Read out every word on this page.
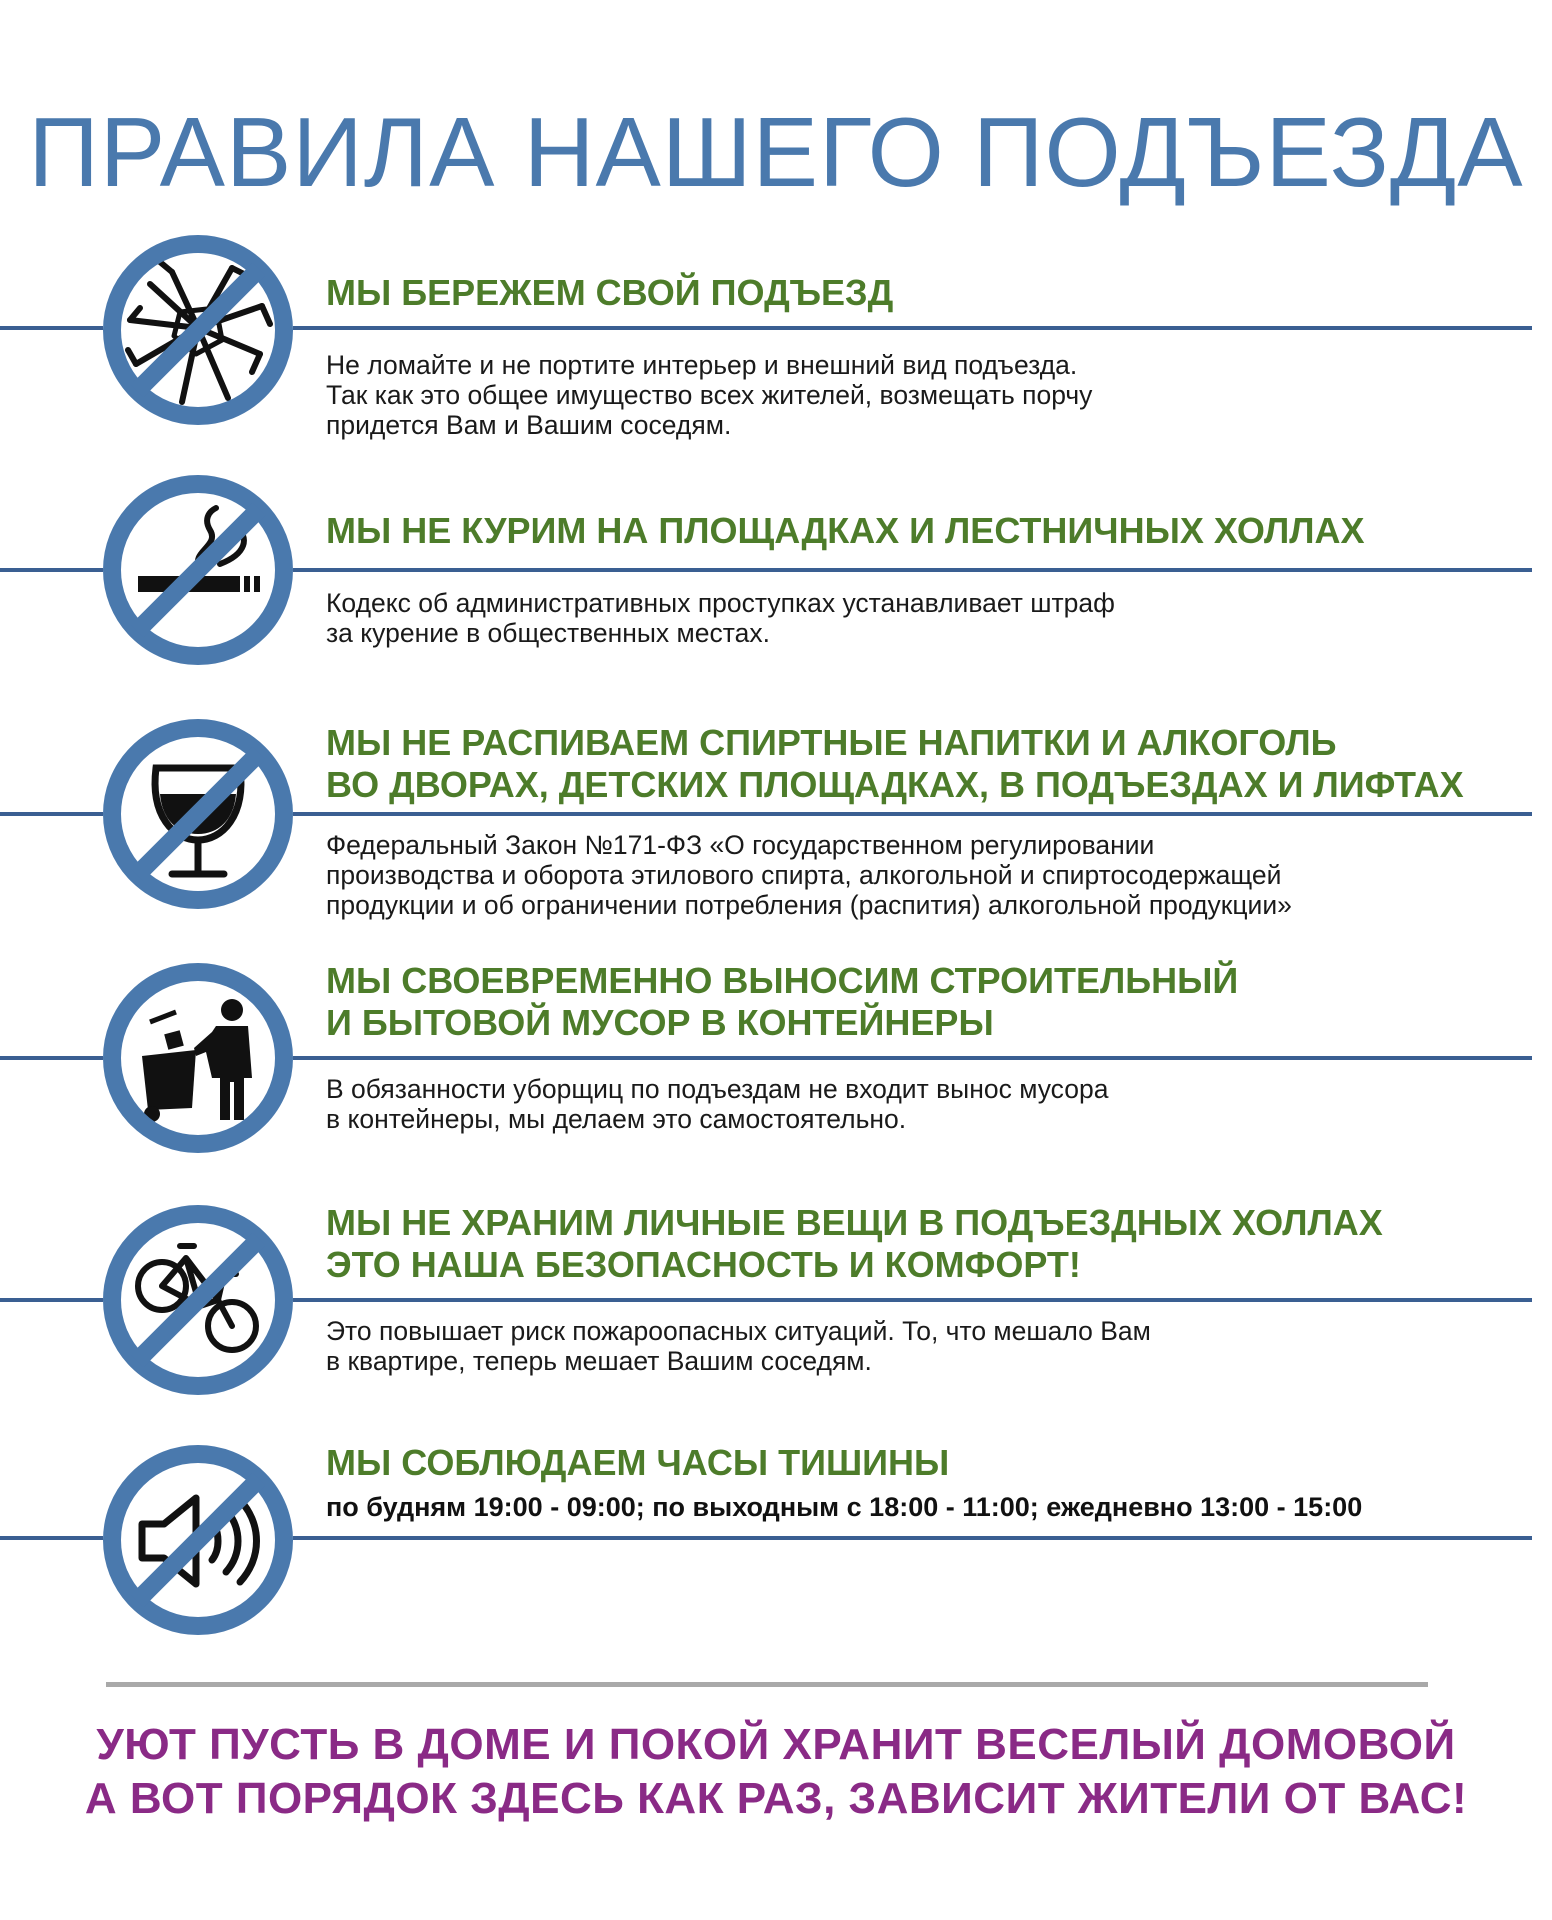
ПРАВИЛА НАШЕГО ПОДЪЕЗДА
МЫ БЕРЕЖЕМ СВОЙ ПОДЪЕЗД
Не ломайте и не портите интерьер и внешний вид подъезда.
Так как это общее имущество всех жителей, возмещать порчу
придется Вам и Вашим соседям.
МЫ НЕ КУРИМ НА ПЛОЩАДКАХ И ЛЕСТНИЧНЫХ ХОЛЛАХ
Кодекс об административных проступках устанавливает штраф
за курение в общественных местах.
МЫ НЕ РАСПИВАЕМ СПИРТНЫЕ НАПИТКИ И АЛКОГОЛЬ
ВО ДВОРАХ, ДЕТСКИХ ПЛОЩАДКАХ, В ПОДЪЕЗДАХ И ЛИФТАХ
Федеральный Закон №171-ФЗ «О государственном регулировании
производства и оборота этилового спирта, алкогольной и спиртосодержащей
продукции и об ограничении потребления (распития) алкогольной продукции»
МЫ СВОЕВРЕМЕННО ВЫНОСИМ СТРОИТЕЛЬНЫЙ
И БЫТОВОЙ МУСОР В КОНТЕЙНЕРЫ
В обязанности уборщиц по подъездам не входит вынос мусора
в контейнеры, мы делаем это самостоятельно.
МЫ НЕ ХРАНИМ ЛИЧНЫЕ ВЕЩИ В ПОДЪЕЗДНЫХ ХОЛЛАХ
ЭТО НАША БЕЗОПАСНОСТЬ И КОМФОРТ!
Это повышает риск пожароопасных ситуаций. То, что мешало Вам
в квартире, теперь мешает Вашим соседям.
МЫ СОБЛЮДАЕМ ЧАСЫ ТИШИНЫ
по будням 19:00 - 09:00; по выходным с 18:00 - 11:00; ежедневно 13:00 - 15:00
УЮТ ПУСТЬ В ДОМЕ И ПОКОЙ ХРАНИТ ВЕСЕЛЫЙ ДОМОВОЙ
А ВОТ ПОРЯДОК ЗДЕСЬ КАК РАЗ, ЗАВИСИТ ЖИТЕЛИ ОТ ВАС!
